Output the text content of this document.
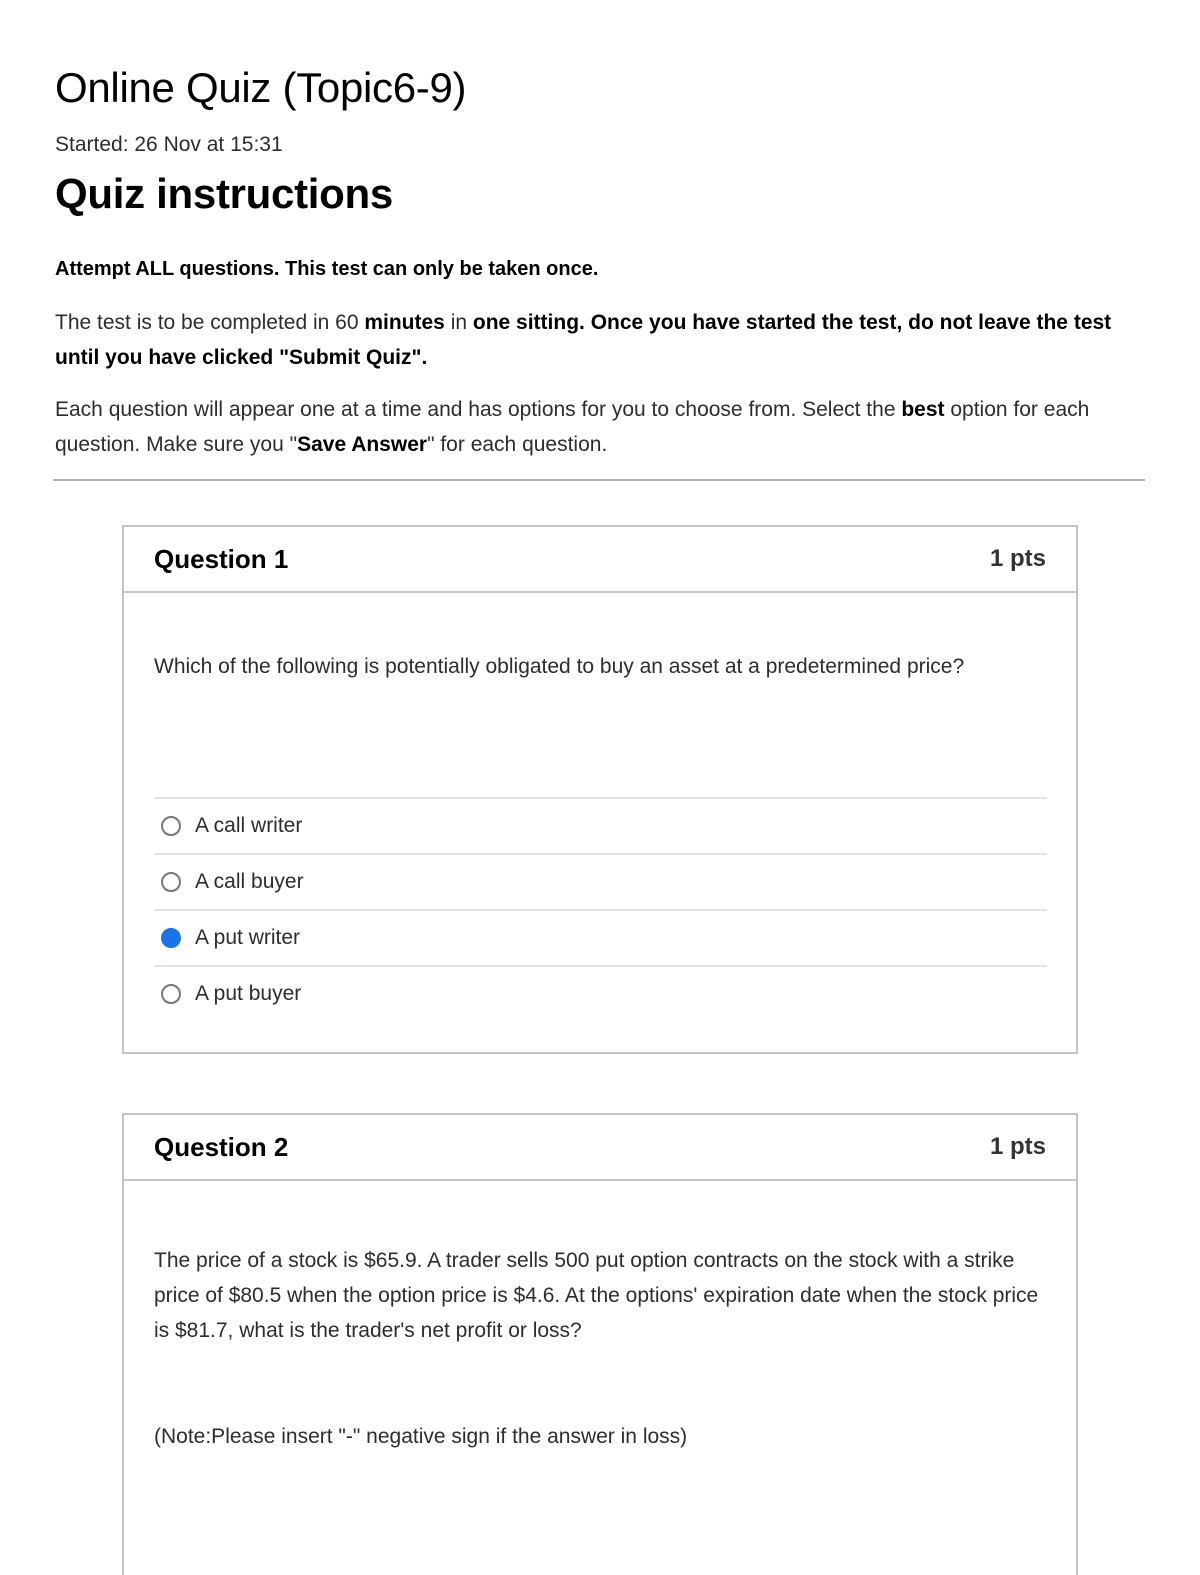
Online Quiz (Topic6-9)
Started: 26 Nov at 15:31
Quiz instructions

Attempt ALL questions. This test can only be taken once.

The test is to be completed in 60 minutes in one sitting. Once you have started the test, do not leave the test until you have clicked "Submit Quiz".

Each question will appear one at a time and has options for you to choose from. Select the best option for each question. Make sure you "Save Answer" for each question.

Question 1	1 pts

Which of the following is potentially obligated to buy an asset at a predetermined price?

A call writer
A call buyer
A put writer
A put buyer
Question 2	1 pts

The price of a stock is $65.9. A trader sells 500 put option contracts on the stock with a strike price of $80.5 when the option price is $4.6. At the options' expiration date when the stock price is $81.7, what is the trader's net profit or loss?

(Note:Please insert "-" negative sign if the answer in loss)
